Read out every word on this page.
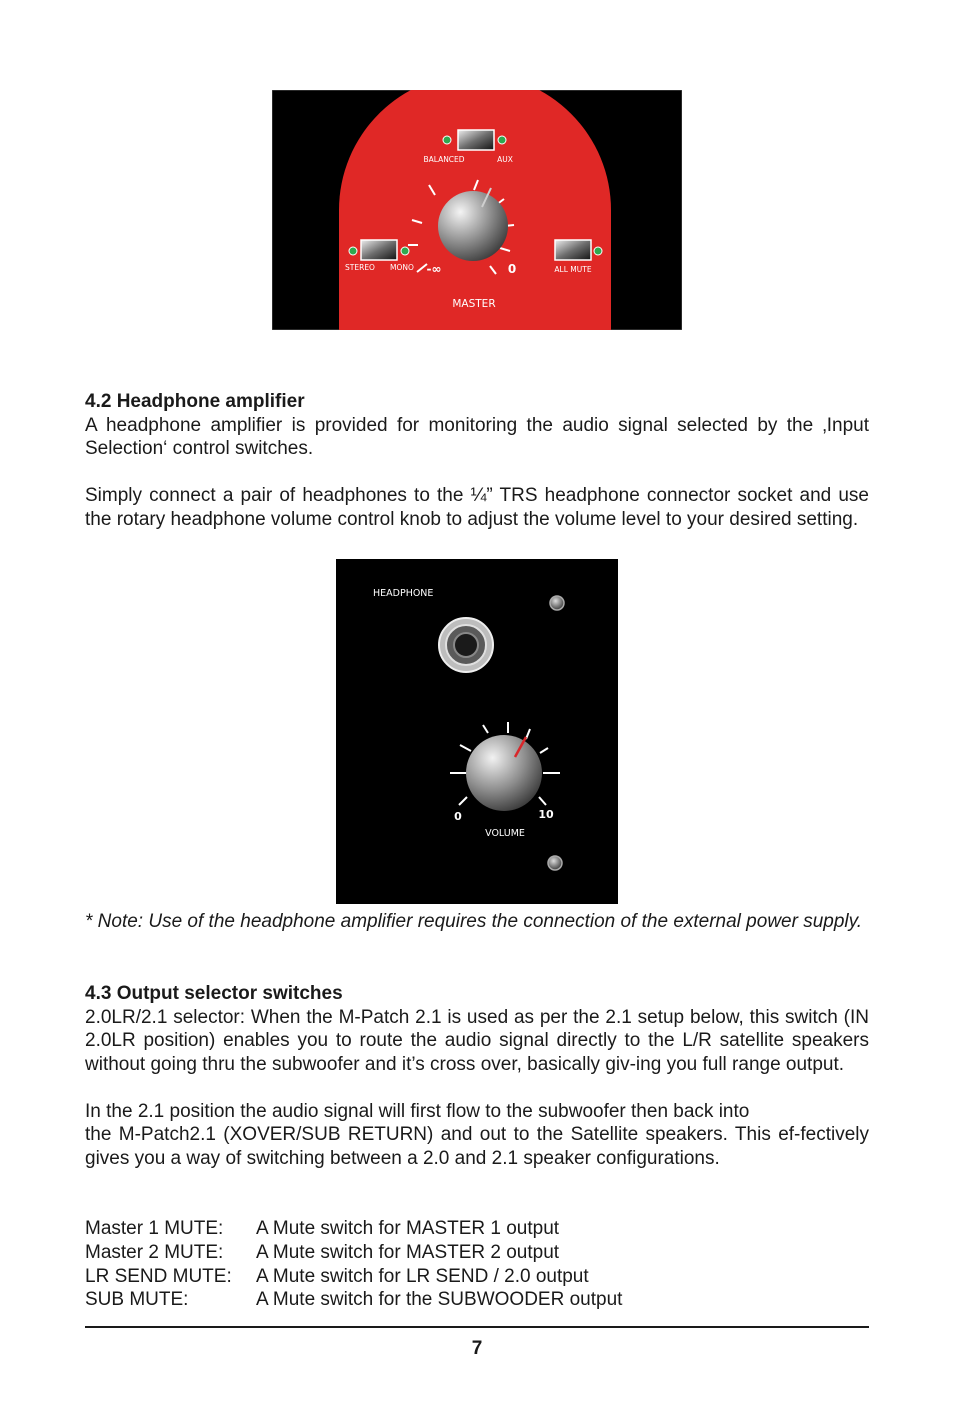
BALANCED	AUX
STEREO MONO -∞	0	ALL MUTE
MASTER
4.2 Headphone amplifier

A headphone amplifier is provided for monitoring the audio signal selected by the ‚Input Selection‘ control switches.

Simply connect a pair of headphones to the ¼” TRS headphone connector socket and use the rotary headphone volume control knob to adjust the volume level to your desired setting.

HEADPHONE
0	10
VOLUME

* Note: Use of the headphone amplifier requires the connection of the external power supply.

4.3 Output selector switches

2.0LR/2.1 selector: When the M-Patch 2.1 is used as per the 2.1 setup below, this switch (IN 2.0LR position) enables you to route the audio signal directly to the L/R satellite speakers without going thru the subwoofer and it’s cross over, basically giv-ing you full range output.

In the 2.1 position the audio signal will first flow to the subwoofer then back into

the M-Patch2.1 (XOVER/SUB RETURN) and out to the Satellite speakers. This ef-fectively gives you a way of switching between a 2.0 and 2.1 speaker configurations.

Master 1 MUTE:	A Mute switch for MASTER 1 output
Master 2 MUTE:	A Mute switch for MASTER 2 output
LR SEND MUTE:	A Mute switch for LR SEND / 2.0 output
SUB MUTE:	A Mute switch for the SUBWOODER output
7
